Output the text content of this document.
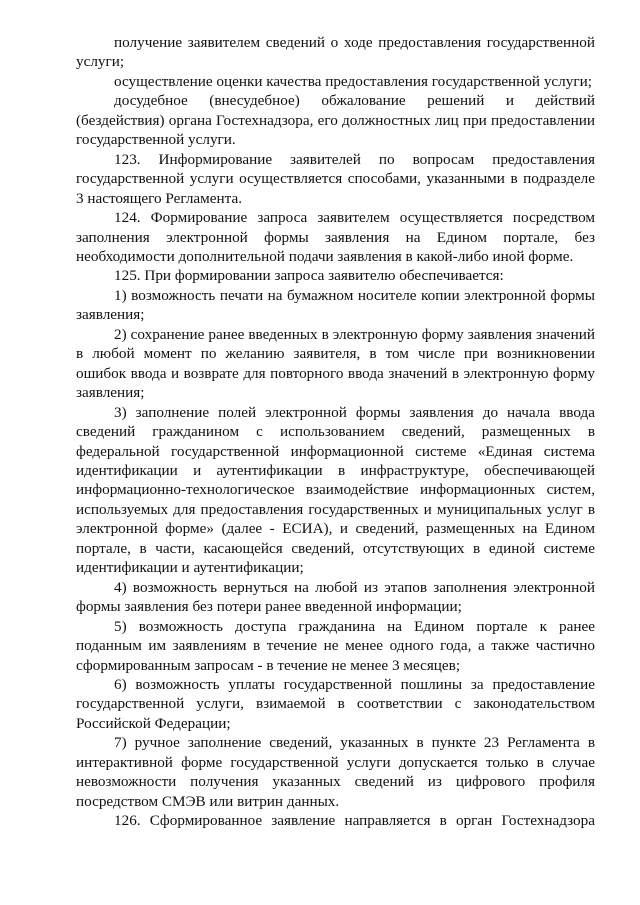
получение заявителем сведений о ходе предоставления государственной услуги;

осуществление оценки качества предоставления государственной услуги;

досудебное (внесудебное) обжалование решений и действий (бездействия) органа Гостехнадзора, его должностных лиц при предоставлении государственной услуги.

123. Информирование заявителей по вопросам предоставления государственной услуги осуществляется способами, указанными в подразделе 3 настоящего Регламента.

124. Формирование запроса заявителем осуществляется посредством заполнения электронной формы заявления на Едином портале, без необходимости дополнительной подачи заявления в какой-либо иной форме.

125. При формировании запроса заявителю обеспечивается:

1) возможность печати на бумажном носителе копии электронной формы заявления;

2) сохранение ранее введенных в электронную форму заявления значений в любой момент по желанию заявителя, в том числе при возникновении ошибок ввода и возврате для повторного ввода значений в электронную форму заявления;

3) заполнение полей электронной формы заявления до начала ввода сведений гражданином с использованием сведений, размещенных в федеральной государственной информационной системе «Единая система идентификации и аутентификации в инфраструктуре, обеспечивающей информационно-технологическое взаимодействие информационных систем, используемых для предоставления государственных и муниципальных услуг в электронной форме» (далее - ЕСИА), и сведений, размещенных на Едином портале, в части, касающейся сведений, отсутствующих в единой системе идентификации и аутентификации;

4) возможность вернуться на любой из этапов заполнения электронной формы заявления без потери ранее введенной информации;

5) возможность доступа гражданина на Едином портале к ранее поданным им заявлениям в течение не менее одного года, а также частично сформированным запросам - в течение не менее 3 месяцев;

6) возможность уплаты государственной пошлины за предоставление государственной услуги, взимаемой в соответствии с законодательством Российской Федерации;

7) ручное заполнение сведений, указанных в пункте 23 Регламента в интерактивной форме государственной услуги допускается только в случае невозможности получения указанных сведений из цифрового профиля посредством СМЭВ или витрин данных.

126. Сформированное заявление направляется в орган Гостехнадзора
